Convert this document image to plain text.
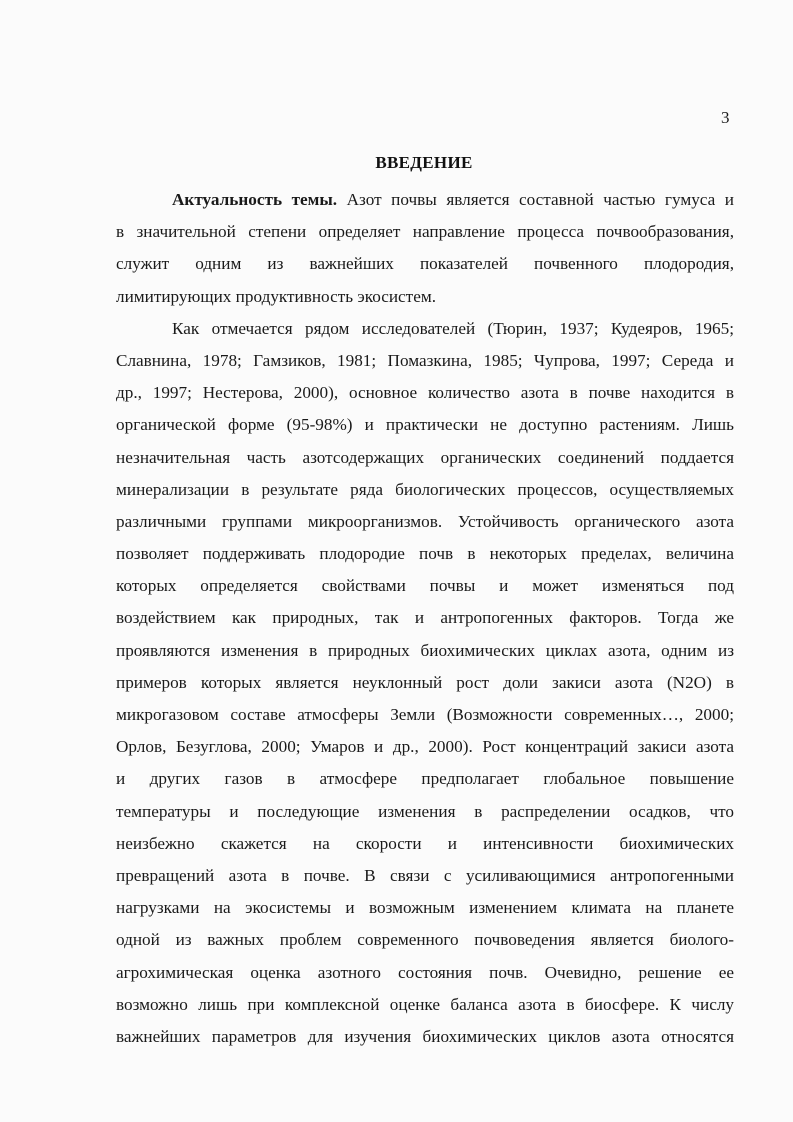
3
ВВЕДЕНИЕ
Актуальность темы. Азот почвы является составной частью гумуса и
в значительной степени определяет направление процесса почвообразования,
служит одним из важнейших показателей почвенного плодородия,
лимитирующих продуктивность экосистем.
Как отмечается рядом исследователей (Тюрин, 1937; Кудеяров, 1965;
Славнина, 1978; Гамзиков, 1981; Помазкина, 1985; Чупрова, 1997; Середа и
др., 1997; Нестерова, 2000), основное количество азота в почве находится в
органической форме (95-98%) и практически не доступно растениям. Лишь
незначительная часть азотсодержащих органических соединений поддается
минерализации в результате ряда биологических процессов, осуществляемых
различными группами микроорганизмов. Устойчивость органического азота
позволяет поддерживать плодородие почв в некоторых пределах, величина
которых определяется свойствами почвы и может изменяться под
воздействием как природных, так и антропогенных факторов. Тогда же
проявляются изменения в природных биохимических циклах азота, одним из
примеров которых является неуклонный рост доли закиси азота (N2O) в
микрогазовом составе атмосферы Земли (Возможности современных…, 2000;
Орлов, Безуглова, 2000; Умаров и др., 2000). Рост концентраций закиси азота
и других газов в атмосфере предполагает глобальное повышение
температуры и последующие изменения в распределении осадков, что
неизбежно скажется на скорости и интенсивности биохимических
превращений азота в почве. В связи с усиливающимися антропогенными
нагрузками на экосистемы и возможным изменением климата на планете
одной из важных проблем современного почвоведения является биолого-
агрохимическая оценка азотного состояния почв. Очевидно, решение ее
возможно лишь при комплексной оценке баланса азота в биосфере. К числу
важнейших параметров для изучения биохимических циклов азота относятся
